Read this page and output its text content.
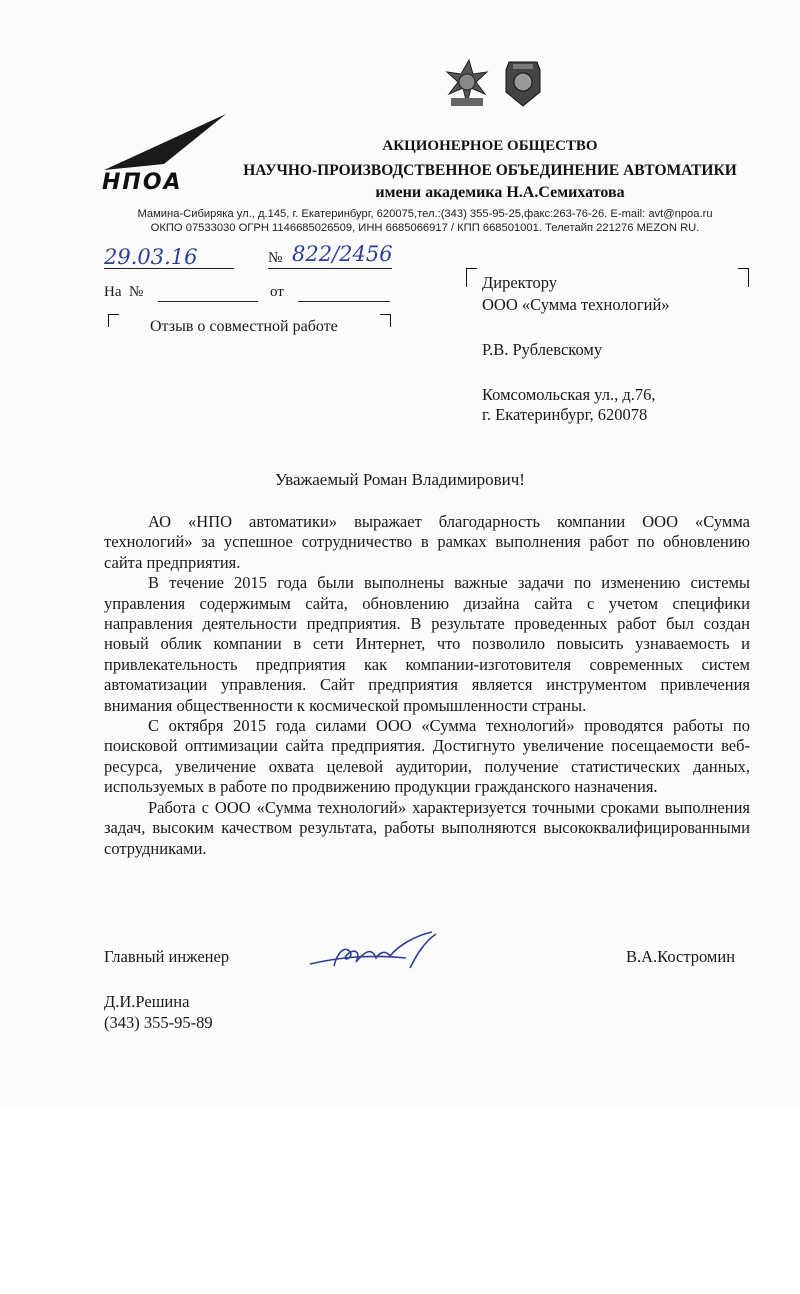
НПОА
АКЦИОНЕРНОЕ ОБЩЕСТВО
НАУЧНО-ПРОИЗВОДСТВЕННОЕ ОБЪЕДИНЕНИЕ АВТОМАТИКИ
имени академика Н.А.Семихатова
Мамина-Сибиряка ул., д.145, г. Екатеринбург, 620075,тел.:(343) 355-95-25,факс:263-76-26. E-mail: avt@npoa.ru
ОКПО 07533030 ОГРН 1146685026509, ИНН 6685066917 / КПП 668501001. Телетайп 221276 MEZON RU.
29.03.16	№ 822/2456
На  №	от
Отзыв о совместной работе
Директору
ООО «Сумма технологий»
Р.В. Рублевскому
Комсомольская ул., д.76,
г. Екатеринбург, 620078
Уважаемый Роман Владимирович!

АО «НПО автоматики» выражает благодарность компании ООО «Сумма технологий» за успешное сотрудничество в рамках выполнения работ по обновлению сайта предприятия.

В течение 2015 года были выполнены важные задачи по изменению системы управления содержимым сайта, обновлению дизайна сайта с учетом специфики направления деятельности предприятия. В результате проведенных работ был создан новый облик компании в сети Интернет, что позволило повысить узнаваемость и привлекательность предприятия как компании-изготовителя современных систем автоматизации управления. Сайт предприятия является инструментом привлечения внимания общественности к космической промышленности страны.

С октября 2015 года силами ООО «Сумма технологий» проводятся работы по поисковой оптимизации сайта предприятия. Достигнуто увеличение посещаемости веб-ресурса, увеличение охвата целевой аудитории, получение статистических данных, используемых в работе по продвижению продукции гражданского назначения.

Работа с ООО «Сумма технологий» характеризуется точными сроками выполнения задач, высоким качеством результата, работы выполняются высококвалифицированными сотрудниками.

Главный инженер	В.А.Костромин
Д.И.Решина
(343) 355-95-89
